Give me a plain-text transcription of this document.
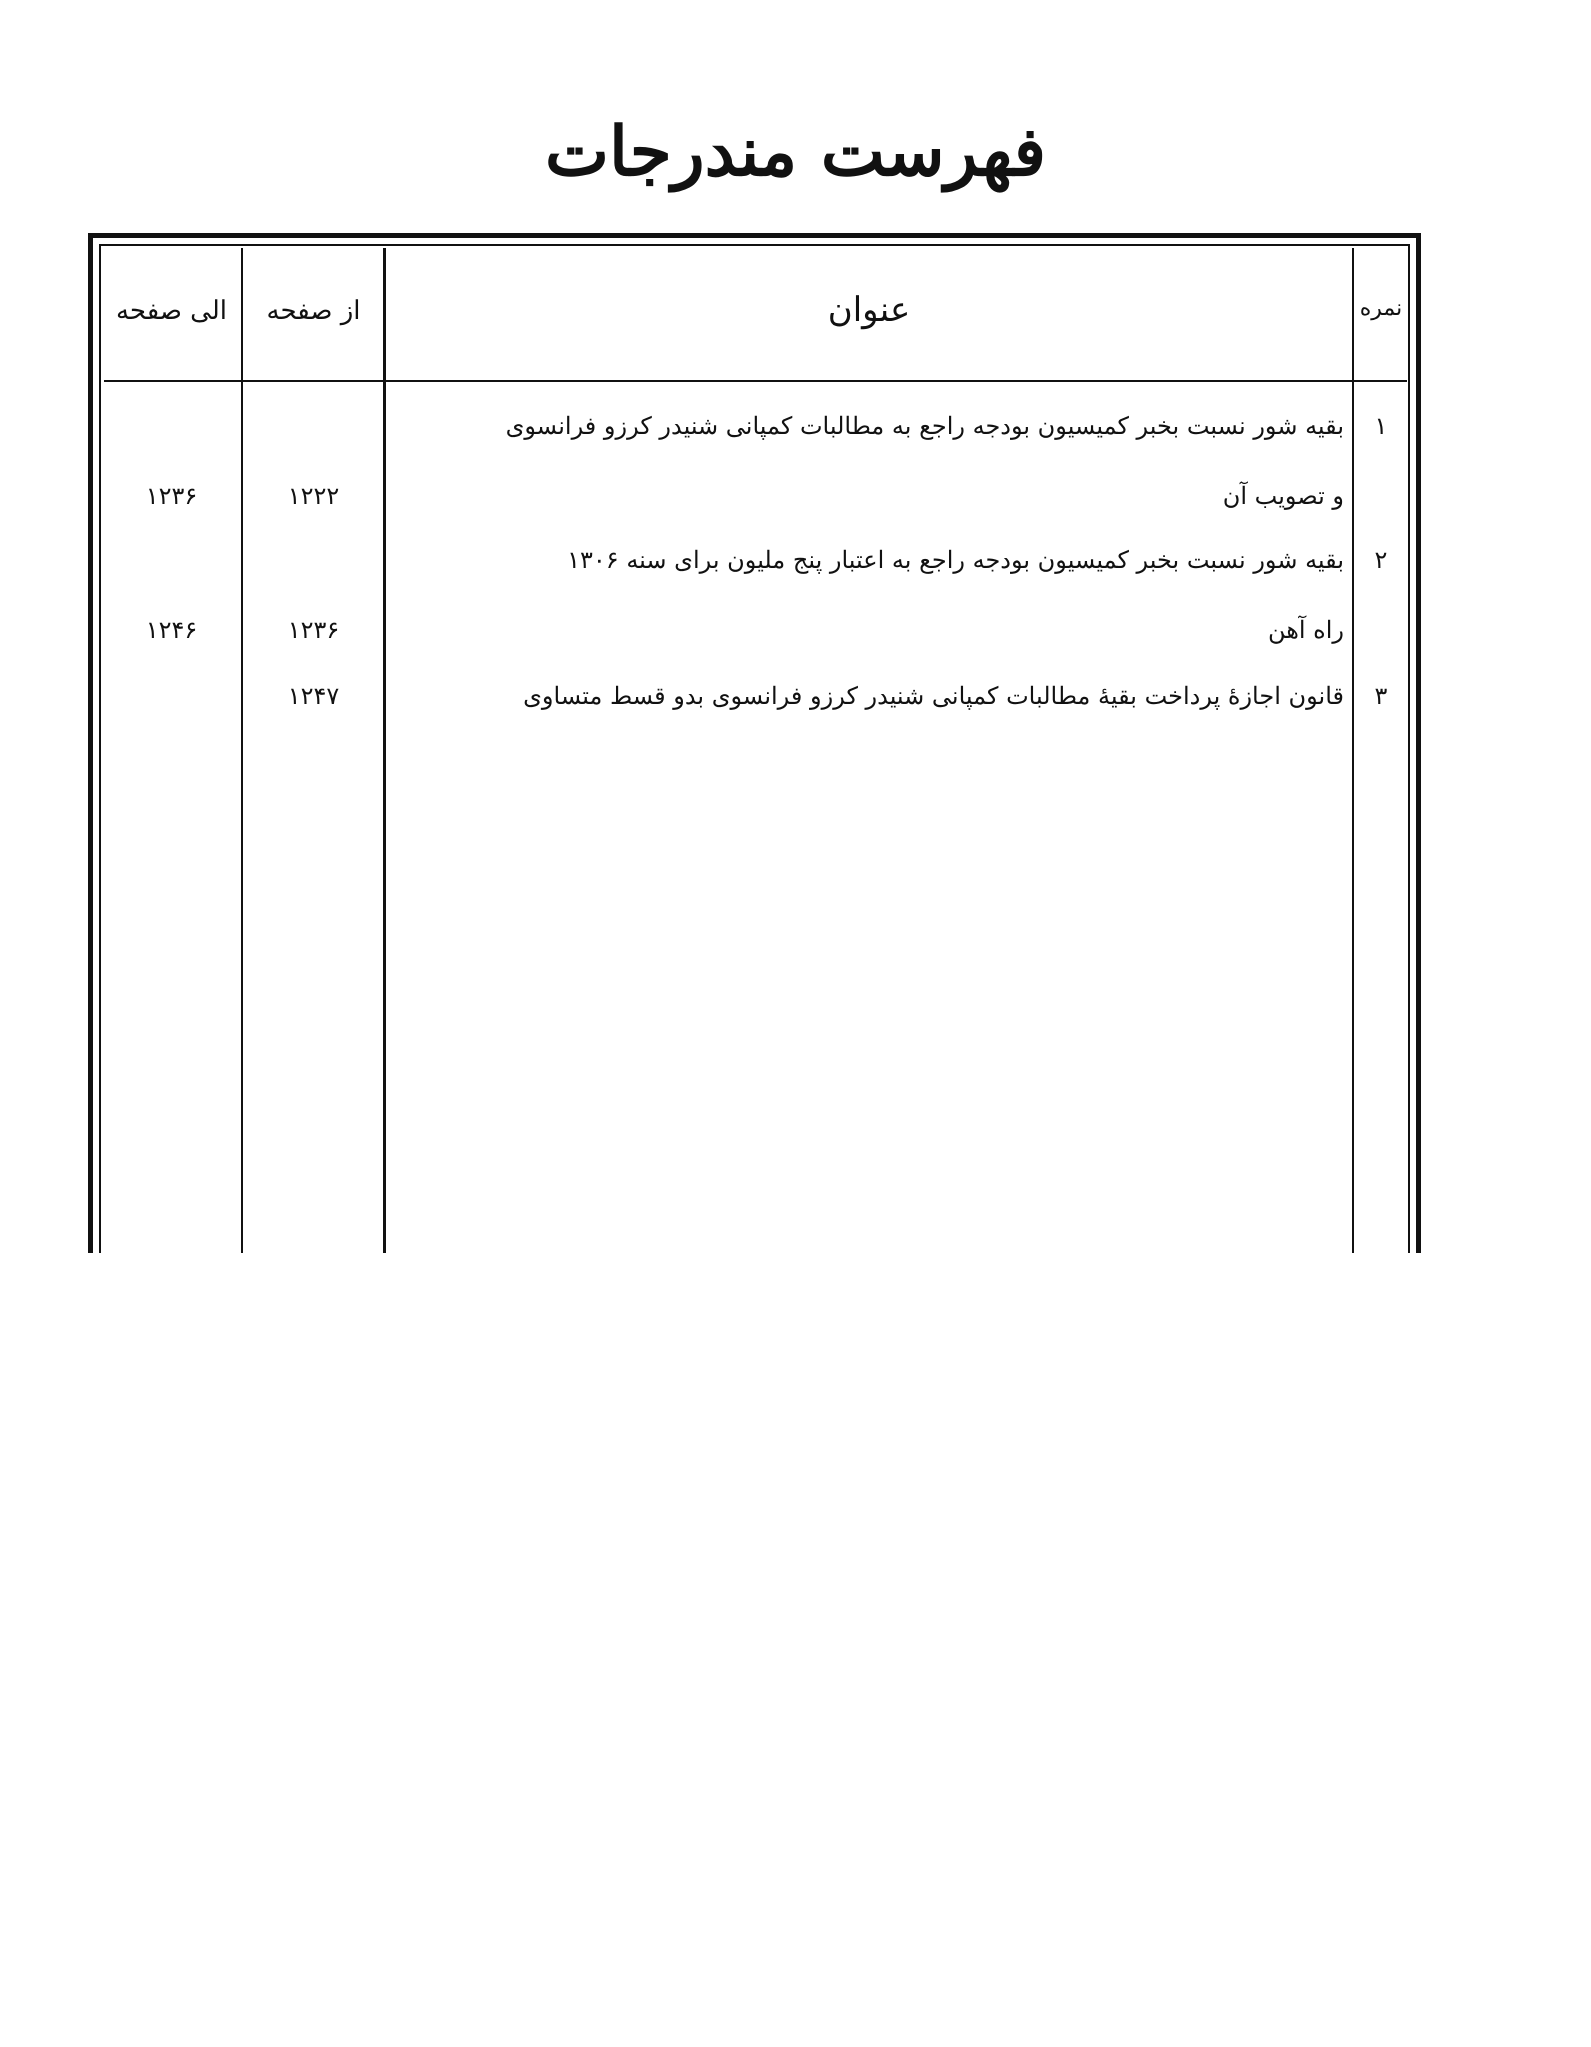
فهرست مندرجات
نمره
عنوان
از صفحه
الی صفحه
۱
بقیه شور نسبت بخبر کمیسیون بودجه راجع به مطالبات کمپانی شنیدر کرزو فرانسوی
و تصویب آن
۱۲۲۲
۱۲۳۶
۲
بقیه شور نسبت بخبر کمیسیون بودجه راجع به اعتبار پنج ملیون برای سنه ۱۳۰۶
راه آهن
۱۲۳۶
۱۲۴۶
۳
قانون اجازهٔ پرداخت بقیهٔ مطالبات کمپانی شنیدر کرزو فرانسوی بدو قسط متساوی
۱۲۴۷
